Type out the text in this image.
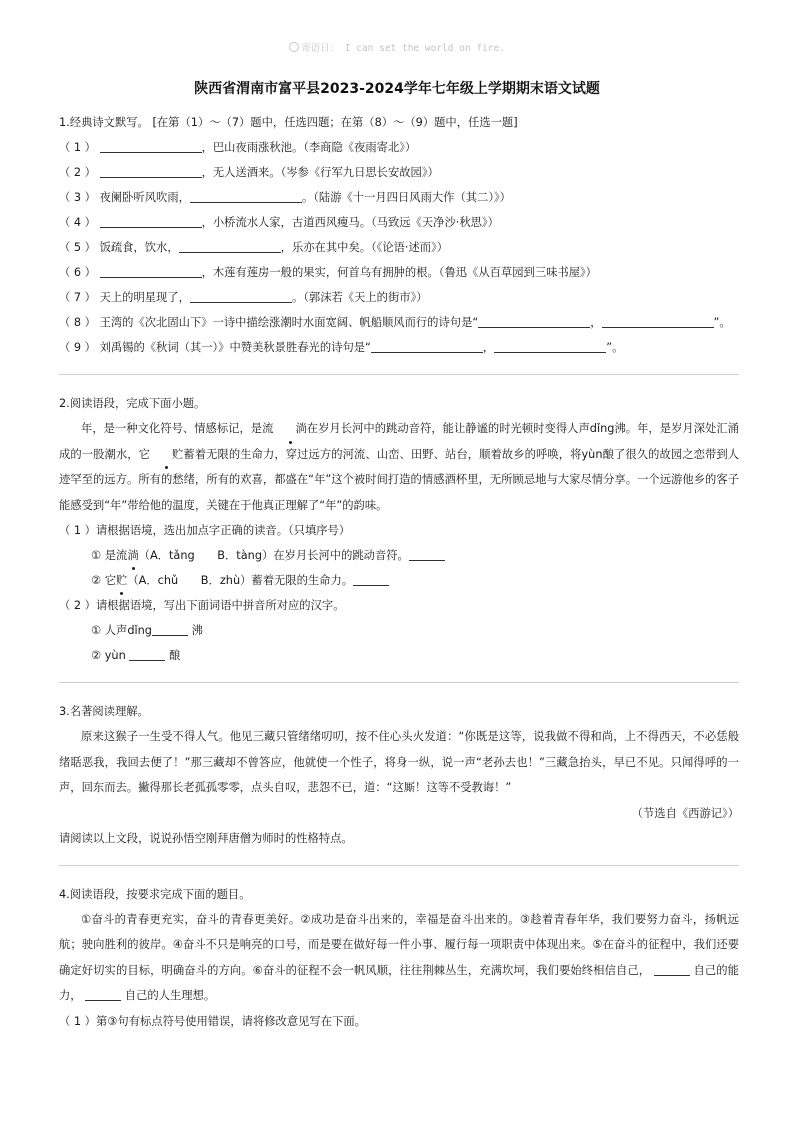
寄语日： I can set the world on fire.
陕西省渭南市富平县2023-2024学年七年级上学期期末语文试题
1.经典诗文默写。 [在第（1）～（7）题中，任选四题；在第（8）～（9）题中，任选一题]
（ 1 ）	，巴山夜雨涨秋池。（李商隐《夜雨寄北》）
（ 2 ）	，无人送酒来。（岑参《行军九日思长安故园》）
（ 3 ） 夜阑卧听风吹雨，	。（陆游《十一月四日风雨大作（其二）》）
（ 4 ）	，小桥流水人家，古道西风瘦马。（马致远《天净沙·秋思》）
（ 5 ） 饭疏食，饮水，	，乐亦在其中矣。（《论语·述而》）
（ 6 ）	，木莲有莲房一般的果实，何首乌有拥肿的根。（鲁迅《从百草园到三味书屋》）
（ 7 ） 天上的明星现了，	。（郭沫若《天上的街市》）
（ 8 ） 王湾的《次北固山下》一诗中描绘涨潮时水面宽阔、帆船顺风而行的诗句是“	，	”。
（ 9 ） 刘禹锡的《秋词（其一）》中赞美秋景胜春光的诗句是“	，	”。
2.阅读语段，完成下面小题。
年，是一种文化符号、情感标记，是流 淌在岁月长河中的跳动音符，能让静谧的时光顿时变得人声dǐng沸。年，是岁月深处汇涌成的一股潮水，它 贮蓄着无限的生命力，穿过远方的河流、山峦、田野、站台，顺着故乡的呼唤，将yùn酿了很久的故园之恋带到人迹罕至的远方。所有的愁绪，所有的欢喜，都盛在“年”这个被时间打造的情感酒杯里，无所顾忌地与大家尽情分享。一个远游他乡的客子能感受到“年”带给他的温度，关键在于他真正理解了“年”的韵味。
（ 1 ）请根据语境，选出加点字正确的读音。（只填序号）
① 是流淌（A．tǎng　　B．tàng）在岁月长河中的跳动音符。
② 它贮（A．chǔ　　B．zhù）蓄着无限的生命力。
（ 2 ）请根据语境，写出下面词语中拼音所对应的汉字。
① 人声dǐng	沸
② yùn	酿
3.名著阅读理解。
原来这猴子一生受不得人气。他见三藏只管绪绪叨叨，按不住心头火发道：“你既是这等，说我做不得和尚，上不得西天，不必恁般绪聒恶我，我回去便了！”那三藏却不曾答应，他就使一个性子，将身一纵，说一声“老孙去也！”三藏急抬头，早已不见。只闻得呼的一声，回东而去。撇得那长老孤孤零零，点头自叹，悲怨不已，道：“这厮！这等不受教诲！”
（节选自《西游记》）
请阅读以上文段，说说孙悟空刚拜唐僧为师时的性格特点。
4.阅读语段，按要求完成下面的题目。
①奋斗的青春更充实，奋斗的青春更美好。②成功是奋斗出来的，幸福是奋斗出来的。③趁着青春年华，我们要努力奋斗，扬帆远航；驶向胜利的彼岸。④奋斗不只是响亮的口号，而是要在做好每一件小事、履行每一项职责中体现出来。⑤在奋斗的征程中，我们还要确定好切实的目标，明确奋斗的方向。⑥奋斗的征程不会一帆风顺，往往荆棘丛生，充满坎坷，我们要始终相信自己，	自己的能力，	自己的人生理想。
（ 1 ）第③句有标点符号使用错误，请将修改意见写在下面。
